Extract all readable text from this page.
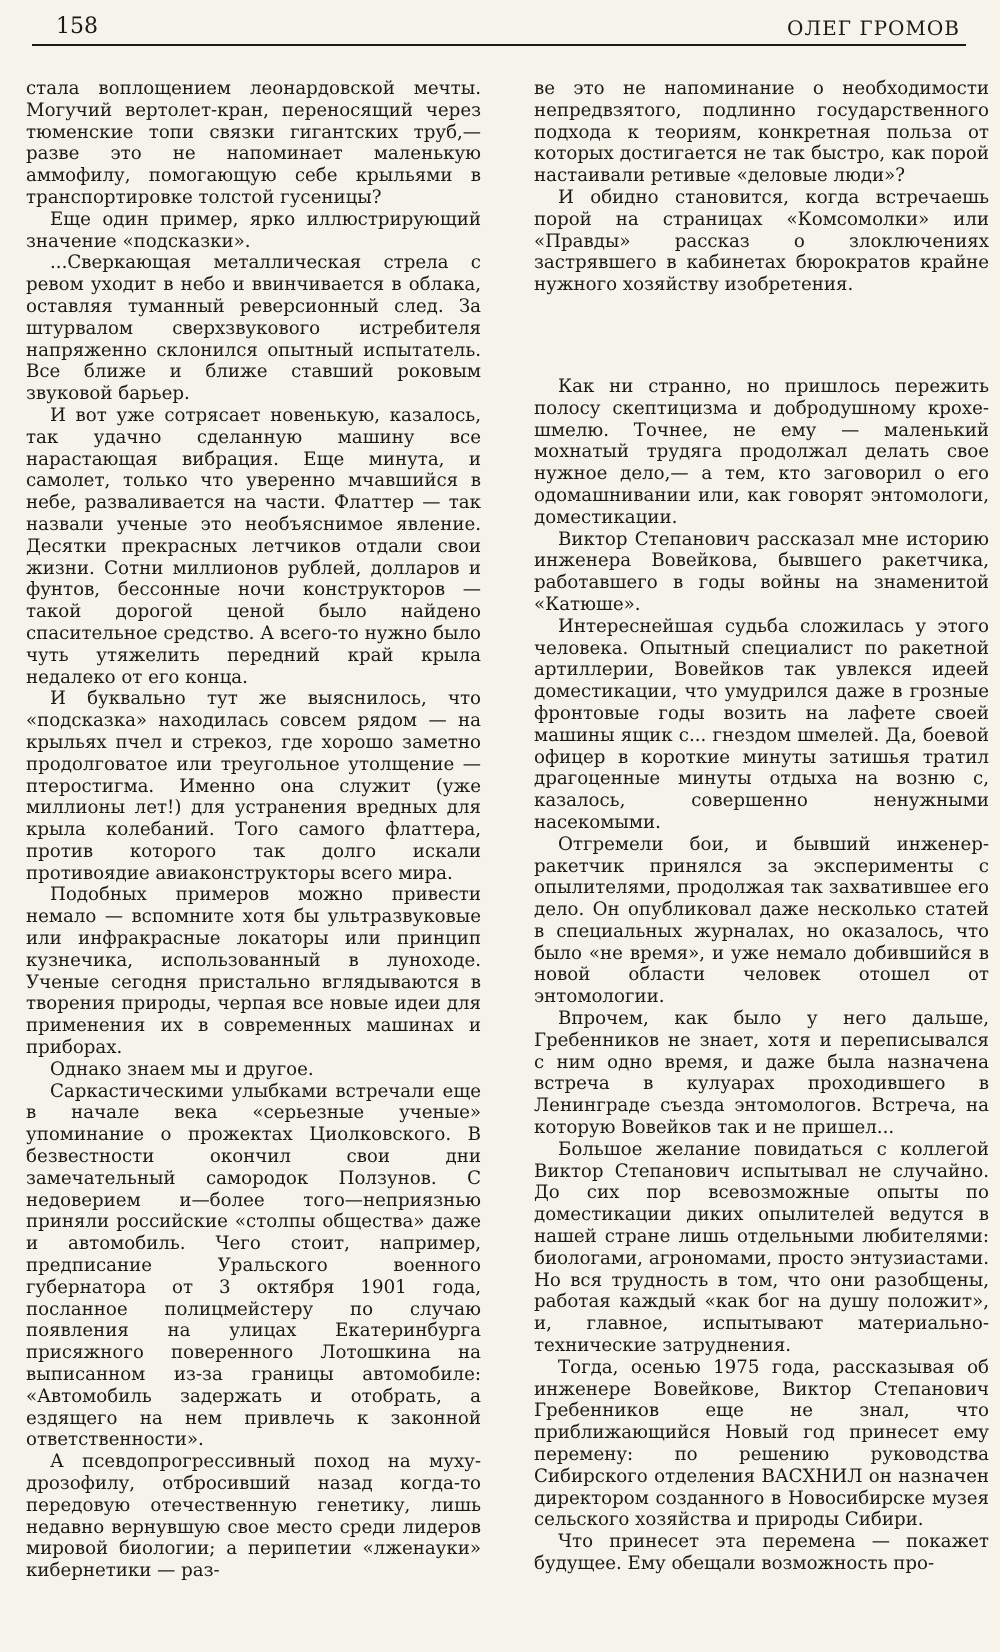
158	ОЛЕГ ГРОМОВ

стала воплощением леонардовской мечты. Могучий вертолет-кран, переносящий через тюменские топи связки гигантских труб,— разве это не напоминает маленькую аммофилу, помогающую себе крыльями в транспортировке толстой гусеницы?

Еще один пример, ярко иллюстрирующий значение «подсказки».

...Сверкающая металлическая стрела с ревом уходит в небо и ввинчивается в облака, оставляя туманный реверсионный след. За штурвалом сверхзвукового истребителя напряженно склонился опытный испытатель. Все ближе и ближе ставший роковым звуковой барьер.

И вот уже сотрясает новенькую, казалось, так удачно сделанную машину все нарастающая вибрация. Еще минута, и самолет, только что уверенно мчавшийся в небе, разваливается на части. Флаттер — так назвали ученые это необъяснимое явление. Десятки прекрасных летчиков отдали свои жизни. Сотни миллионов рублей, долларов и фунтов, бессонные ночи конструкторов — такой дорогой ценой было найдено спасительное средство. А всего-то нужно было чуть утяжелить передний край крыла недалеко от его конца.

И буквально тут же выяснилось, что «подсказка» находилась совсем рядом — на крыльях пчел и стрекоз, где хорошо заметно продолговатое или треугольное утолщение — птеростигма. Именно она служит (уже миллионы лет!) для устранения вредных для крыла колебаний. Того самого флаттера, против которого так долго искали противоядие авиаконструкторы всего мира.

Подобных примеров можно привести немало — вспомните хотя бы ультразвуковые или инфракрасные локаторы или принцип кузнечика, использованный в луноходе. Ученые сегодня пристально вглядываются в творения природы, черпая все новые идеи для применения их в современных машинах и приборах.

Однако знаем мы и другое.

Саркастическими улыбками встречали еще в начале века «серьезные ученые» упоминание о прожектах Циолковского. В безвестности окончил свои дни замечательный самородок Ползунов. С недоверием и—более того—неприязнью приняли российские «столпы общества» даже и автомобиль. Чего стоит, например, предписание Уральского военного губернатора от 3 октября 1901 года, посланное полицмейстеру по случаю появления на улицах Екатеринбурга присяжного поверенного Лотошкина на выписанном из-за границы автомобиле: «Автомобиль задержать и отобрать, а ездящего на нем привлечь к законной ответственности».

А псевдопрогрессивный поход на муху-дрозофилу, отбросивший назад когда-то передовую отечественную генетику, лишь недавно вернувшую свое место среди лидеров мировой биологии; а перипетии «лженауки» кибернетики — раз-

ве это не напоминание о необходимости непредвзятого, подлинно государственного подхода к теориям, конкретная польза от которых достигается не так быстро, как порой настаивали ретивые «деловые люди»?

И обидно становится, когда встречаешь порой на страницах «Комсомолки» или «Правды» рассказ о злоключениях застрявшего в кабинетах бюрократов крайне нужного хозяйству изобретения.

Как ни странно, но пришлось пережить полосу скептицизма и добродушному крохе-шмелю. Точнее, не ему — маленький мохнатый трудяга продолжал делать свое нужное дело,— а тем, кто заговорил о его одомашнивании или, как говорят энтомологи, доместикации.

Виктор Степанович рассказал мне историю инженера Вовейкова, бывшего ракетчика, работавшего в годы войны на знаменитой «Катюше».

Интереснейшая судьба сложилась у этого человека. Опытный специалист по ракетной артиллерии, Вовейков так увлекся идеей доместикации, что умудрился даже в грозные фронтовые годы возить на лафете своей машины ящик с... гнездом шмелей. Да, боевой офицер в короткие минуты затишья тратил драгоценные минуты отдыха на возню с, казалось, совершенно ненужными насекомыми.

Отгремели бои, и бывший инженер-ракетчик принялся за эксперименты с опылителями, продолжая так захватившее его дело. Он опубликовал даже несколько статей в специальных журналах, но оказалось, что было «не время», и уже немало добившийся в новой области человек отошел от энтомологии.

Впрочем, как было у него дальше, Гребенников не знает, хотя и переписывался с ним одно время, и даже была назначена встреча в кулуарах проходившего в Ленинграде съезда энтомологов. Встреча, на которую Вовейков так и не пришел...

Большое желание повидаться с коллегой Виктор Степанович испытывал не случайно. До сих пор всевозможные опыты по доместикации диких опылителей ведутся в нашей стране лишь отдельными любителями: биологами, агрономами, просто энтузиастами. Но вся трудность в том, что они разобщены, работая каждый «как бог на душу положит», и, главное, испытывают материально-технические затруднения.

Тогда, осенью 1975 года, рассказывая об инженере Вовейкове, Виктор Степанович Гребенников еще не знал, что приближающийся Новый год принесет ему перемену: по решению руководства Сибирского отделения ВАСХНИЛ он назначен директором созданного в Новосибирске музея сельского хозяйства и природы Сибири.

Что принесет эта перемена — покажет будущее. Ему обещали возможность про-
